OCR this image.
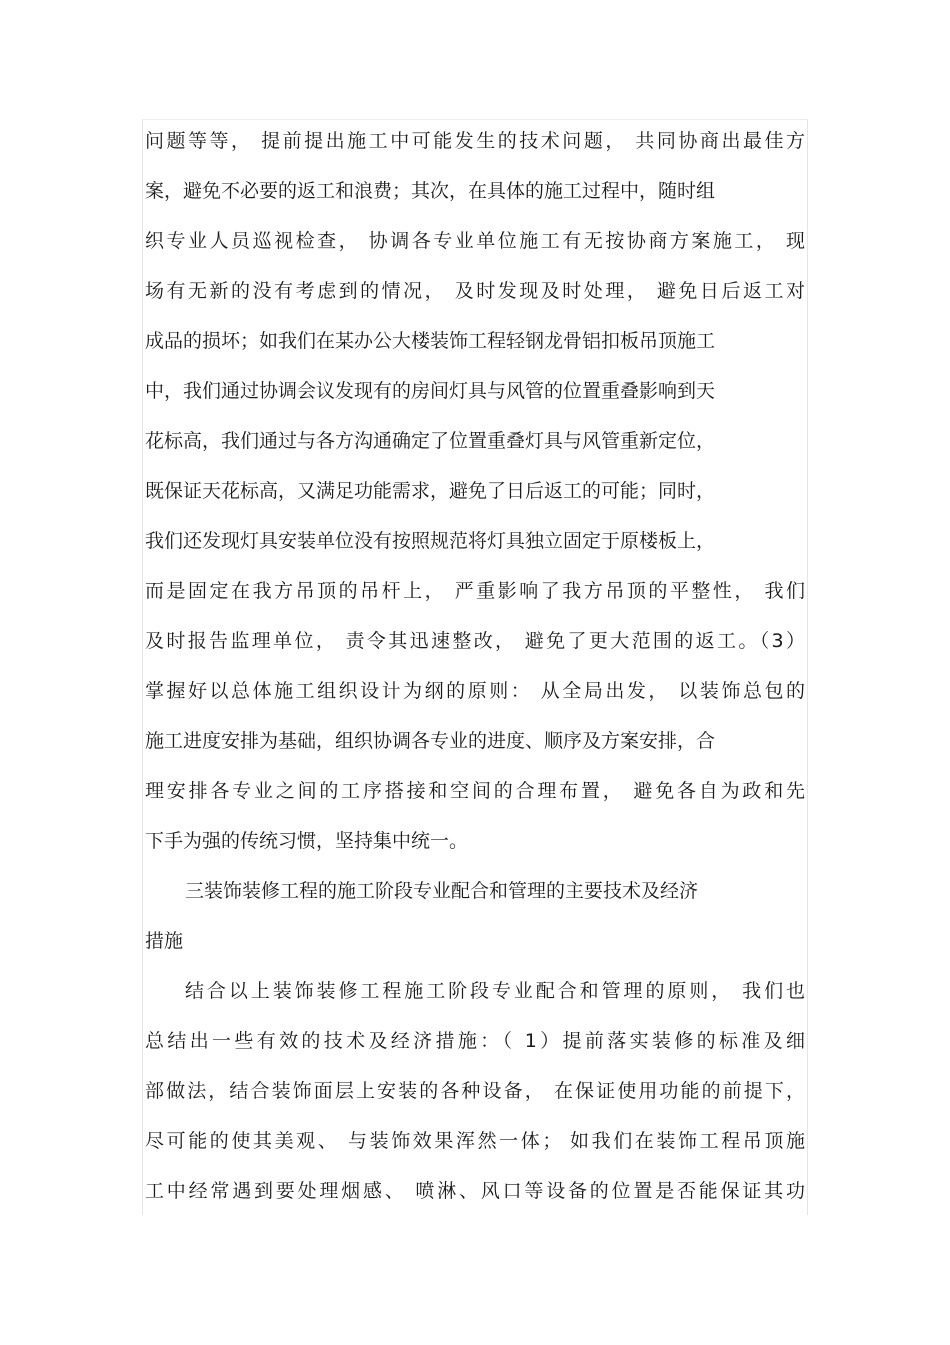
问题等等， 提前提出施工中可能发生的技术问题， 共同协商出最佳方
案，避免不必要的返工和浪费；其次，在具体的施工过程中，随时组
织专业人员巡视检查， 协调各专业单位施工有无按协商方案施工， 现
场有无新的没有考虑到的情况， 及时发现及时处理， 避免日后返工对
成品的损坏；如我们在某办公大楼装饰工程轻钢龙骨铝扣板吊顶施工
中，我们通过协调会议发现有的房间灯具与风管的位置重叠影响到天
花标高，我们通过与各方沟通确定了位置重叠灯具与风管重新定位，
既保证天花标高，又满足功能需求，避免了日后返工的可能；同时，
我们还发现灯具安装单位没有按照规范将灯具独立固定于原楼板上，
而是固定在我方吊顶的吊杆上， 严重影响了我方吊顶的平整性， 我们
及时报告监理单位， 责令其迅速整改， 避免了更大范围的返工。（3）
掌握好以总体施工组织设计为纲的原则： 从全局出发， 以装饰总包的
施工进度安排为基础，组织协调各专业的进度、顺序及方案安排，合
理安排各专业之间的工序搭接和空间的合理布置， 避免各自为政和先
下手为强的传统习惯，坚持集中统一。
三装饰装修工程的施工阶段专业配合和管理的主要技术及经济
措施
结合以上装饰装修工程施工阶段专业配合和管理的原则， 我们也
总结出一些有效的技术及经济措施：（ 1）提前落实装修的标准及细
部做法，结合装饰面层上安装的各种设备， 在保证使用功能的前提下，
尽可能的使其美观、 与装饰效果浑然一体； 如我们在装饰工程吊顶施
工中经常遇到要处理烟感、 喷淋、风口等设备的位置是否能保证其功
